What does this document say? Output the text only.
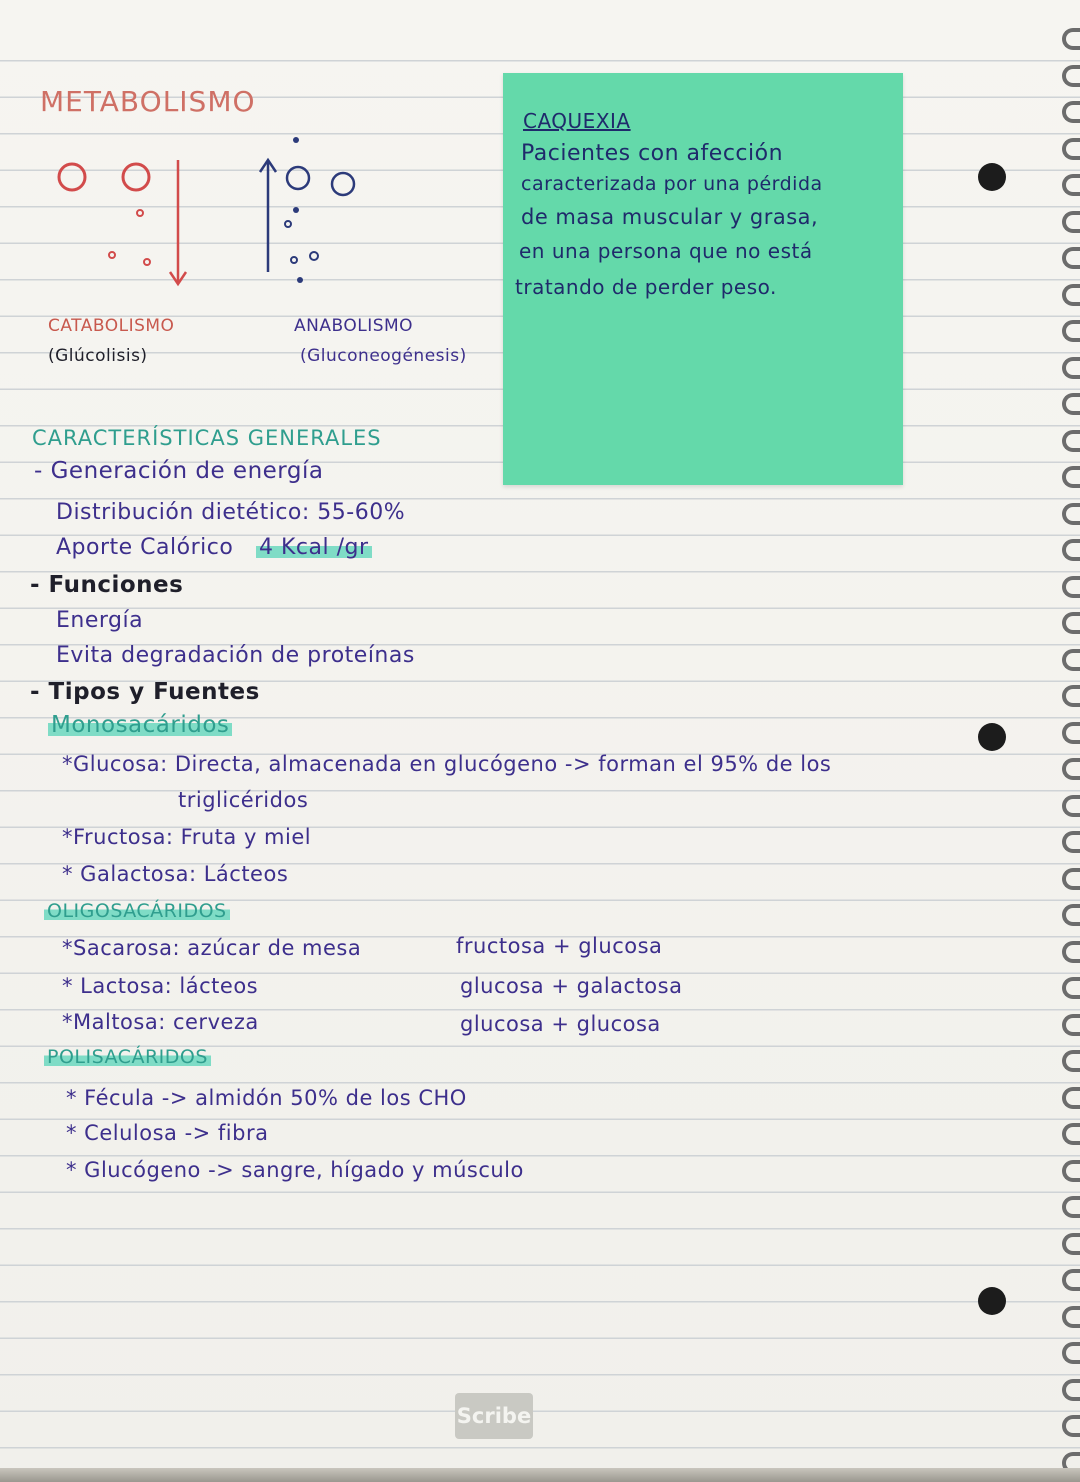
METABOLISMO
CATABOLISMO
(Glúcolisis)
ANABOLISMO
(Gluconeogénesis)
CAQUEXIA
Pacientes con afección
caracterizada por una pérdida
de masa muscular y grasa,
en una persona que no está
tratando de perder peso.
CARACTERÍSTICAS GENERALES
- Generación de energía
Distribución dietético: 55-60%
Aporte Calórico 4 Kcal /gr
- Funciones
Energía
Evita degradación de proteínas
- Tipos y Fuentes
Monosacáridos
*Glucosa: Directa, almacenada en glucógeno -> forman el 95% de los
triglicéridos
*Fructosa: Fruta y miel
* Galactosa: Lácteos
OLIGOSACÁRIDOS
*Sacarosa: azúcar de mesa	fructosa + glucosa
* Lactosa: lácteos	glucosa + galactosa
*Maltosa: cerveza	glucosa + glucosa
POLISACÁRIDOS
* Fécula -> almidón 50% de los CHO
* Celulosa -> fibra
* Glucógeno -> sangre, hígado y músculo
Scribe
